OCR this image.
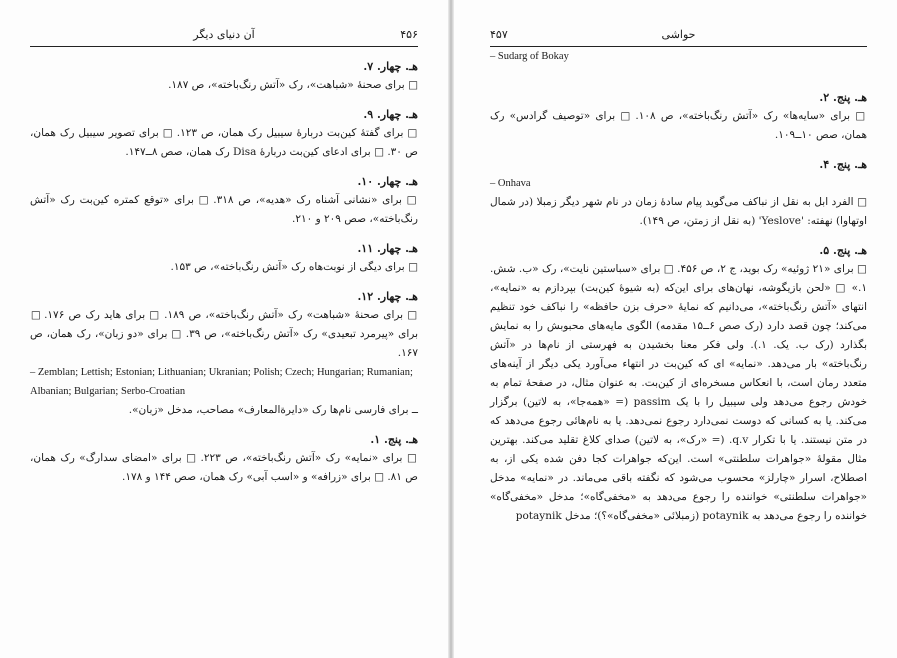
آن دنیای دیگر	۴۵۶
هـ. چهار. ۷.

□ برای صحنهٔ «شباهت»، رک «آتش رنگ‌باخته»، ص ۱۸۷.

هـ. چهار. ۹.

□ برای گفتهٔ کین‌بت دربارهٔ سیبیل رک همان، ص ۱۲۳. □ برای تصویر سیبیل رک همان، ص ۳۰. □ برای ادعای کین‌بت دربارهٔ Disa رک همان، صص ۸ــ۱۴۷.

هـ. چهار. ۱۰.

□ برای «نشانی آشناه رک «هدیه»، ص ۳۱۸. □ برای «توقع کمتره کین‌بت رک «آتش رنگ‌باخته»، صص ۲۰۹ و ۲۱۰.

هـ. چهار. ۱۱.

□ برای دیگی از نوبت‌هاه رک «آتش رنگ‌باخته»، ص ۱۵۳.

هـ. چهار. ۱۲.

□ برای صحنهٔ «شباهت» رک «آتش رنگ‌باخته»، ص ۱۸۹. □ برای هاید رک ص ۱۷۶. □ برای «پیرمرد تبعیدی» رک «آتش رنگ‌باخته»، ص ۳۹. □ برای «دو زبان»، رک همان، ص ۱۶۷.

– Zemblan; Lettish; Estonian; Lithuanian; Ukranian; Polish; Czech; Hungarian; Rumanian; Albanian; Bulgarian; Serbo-Croatian

ــ برای فارسی نام‌ها رک «دایرة‌المعارف» مصاحب، مدخل «زبان».

هـ. پنج. ۱.

□ برای «نمایه» رک «آتش رنگ‌باخته»، ص ۲۲۳. □ برای «امضای سدارگ» رک همان، ص ۸۱. □ برای «زرافه» و «اسب آبی» رک همان، صص ۱۴۴ و ۱۷۸.

حواشی
۴۵۷

– Sudarg of Bokay

هـ. پنج. ۲.

□ برای «سایه‌ها» رک «آتش رنگ‌باخته»، ص ۱۰۸. □ برای «توصیف گرادس» رک همان، صص ۱۰ــ۱۰۹.

هـ. پنج. ۴.

– Onhava

□ الفرد ابل به نقل از نباکف می‌گوید پیام سادهٔ زمان در نام شهر دیگر زمبلا (در شمال اوتهاوا) نهفته: 'Yeslove' (به نقل از زمتن، ص ۱۴۹).

هـ. پنج. ۵.

□ برای «۲۱ ژوئیه» رک بوید، ج ۲، ص ۴۵۶. □ برای «سباستین نایت»، رک «ب. شش. ۱.» □ «لحن بازیگوشه، نهان‌های برای این‌که (به شیوهٔ کین‌بت) بپردازم به «نمایه»، انتهای «آتش رنگ‌باخته»، می‌دانیم که نمایهٔ «حرف بزن حافظه» را نباکف خود تنظیم می‌کند؛ چون قصد دارد (رک صص ۶ــ۱۵ مقدمه) الگوی مایه‌های محبوبش را به نمایش بگذارد (رک ب. یک. ۱.). ولی فکر معنا بخشیدن به فهرستی از نام‌ها در «آتش رنگ‌باخته» بار می‌دهد. «نمایه» ای که کین‌بت در انتهاء می‌آورد یکی دیگر از آینه‌های متعدد رمان است، با انعکاس مسخره‌ای از کین‌بت. به عنوان مثال، در صفحهٔ تمام به خودش رجوع می‌دهد ولی سیبیل را با یک passim (= «همه‌جا»، به لاتین) برگزار می‌کند. یا به کسانی که دوست نمی‌دارد رجوع نمی‌دهد. یا به نام‌هائی رجوع می‌دهد که در متن نیستند. یا با تکرار q.v. (= «رک»، به لاتین) صدای کلاغ تقلید می‌کند. بهترین مثال مقولهٔ «جواهرات سلطنتی» است. این‌که جواهرات کجا دفن شده یکی از، به اصطلاح، اسرار «چارلز» محسوب می‌شود که نگفته باقی می‌ماند. در «نمایه» مدخل «جواهرات سلطنتی» خواننده را رجوع می‌دهد به «مخفی‌گاه»؛ مدخل «مخفی‌گاه» خواننده را رجوع می‌دهد به potaynik (زمبلائی «مخفی‌گاه»؟)؛ مدخل potaynik
